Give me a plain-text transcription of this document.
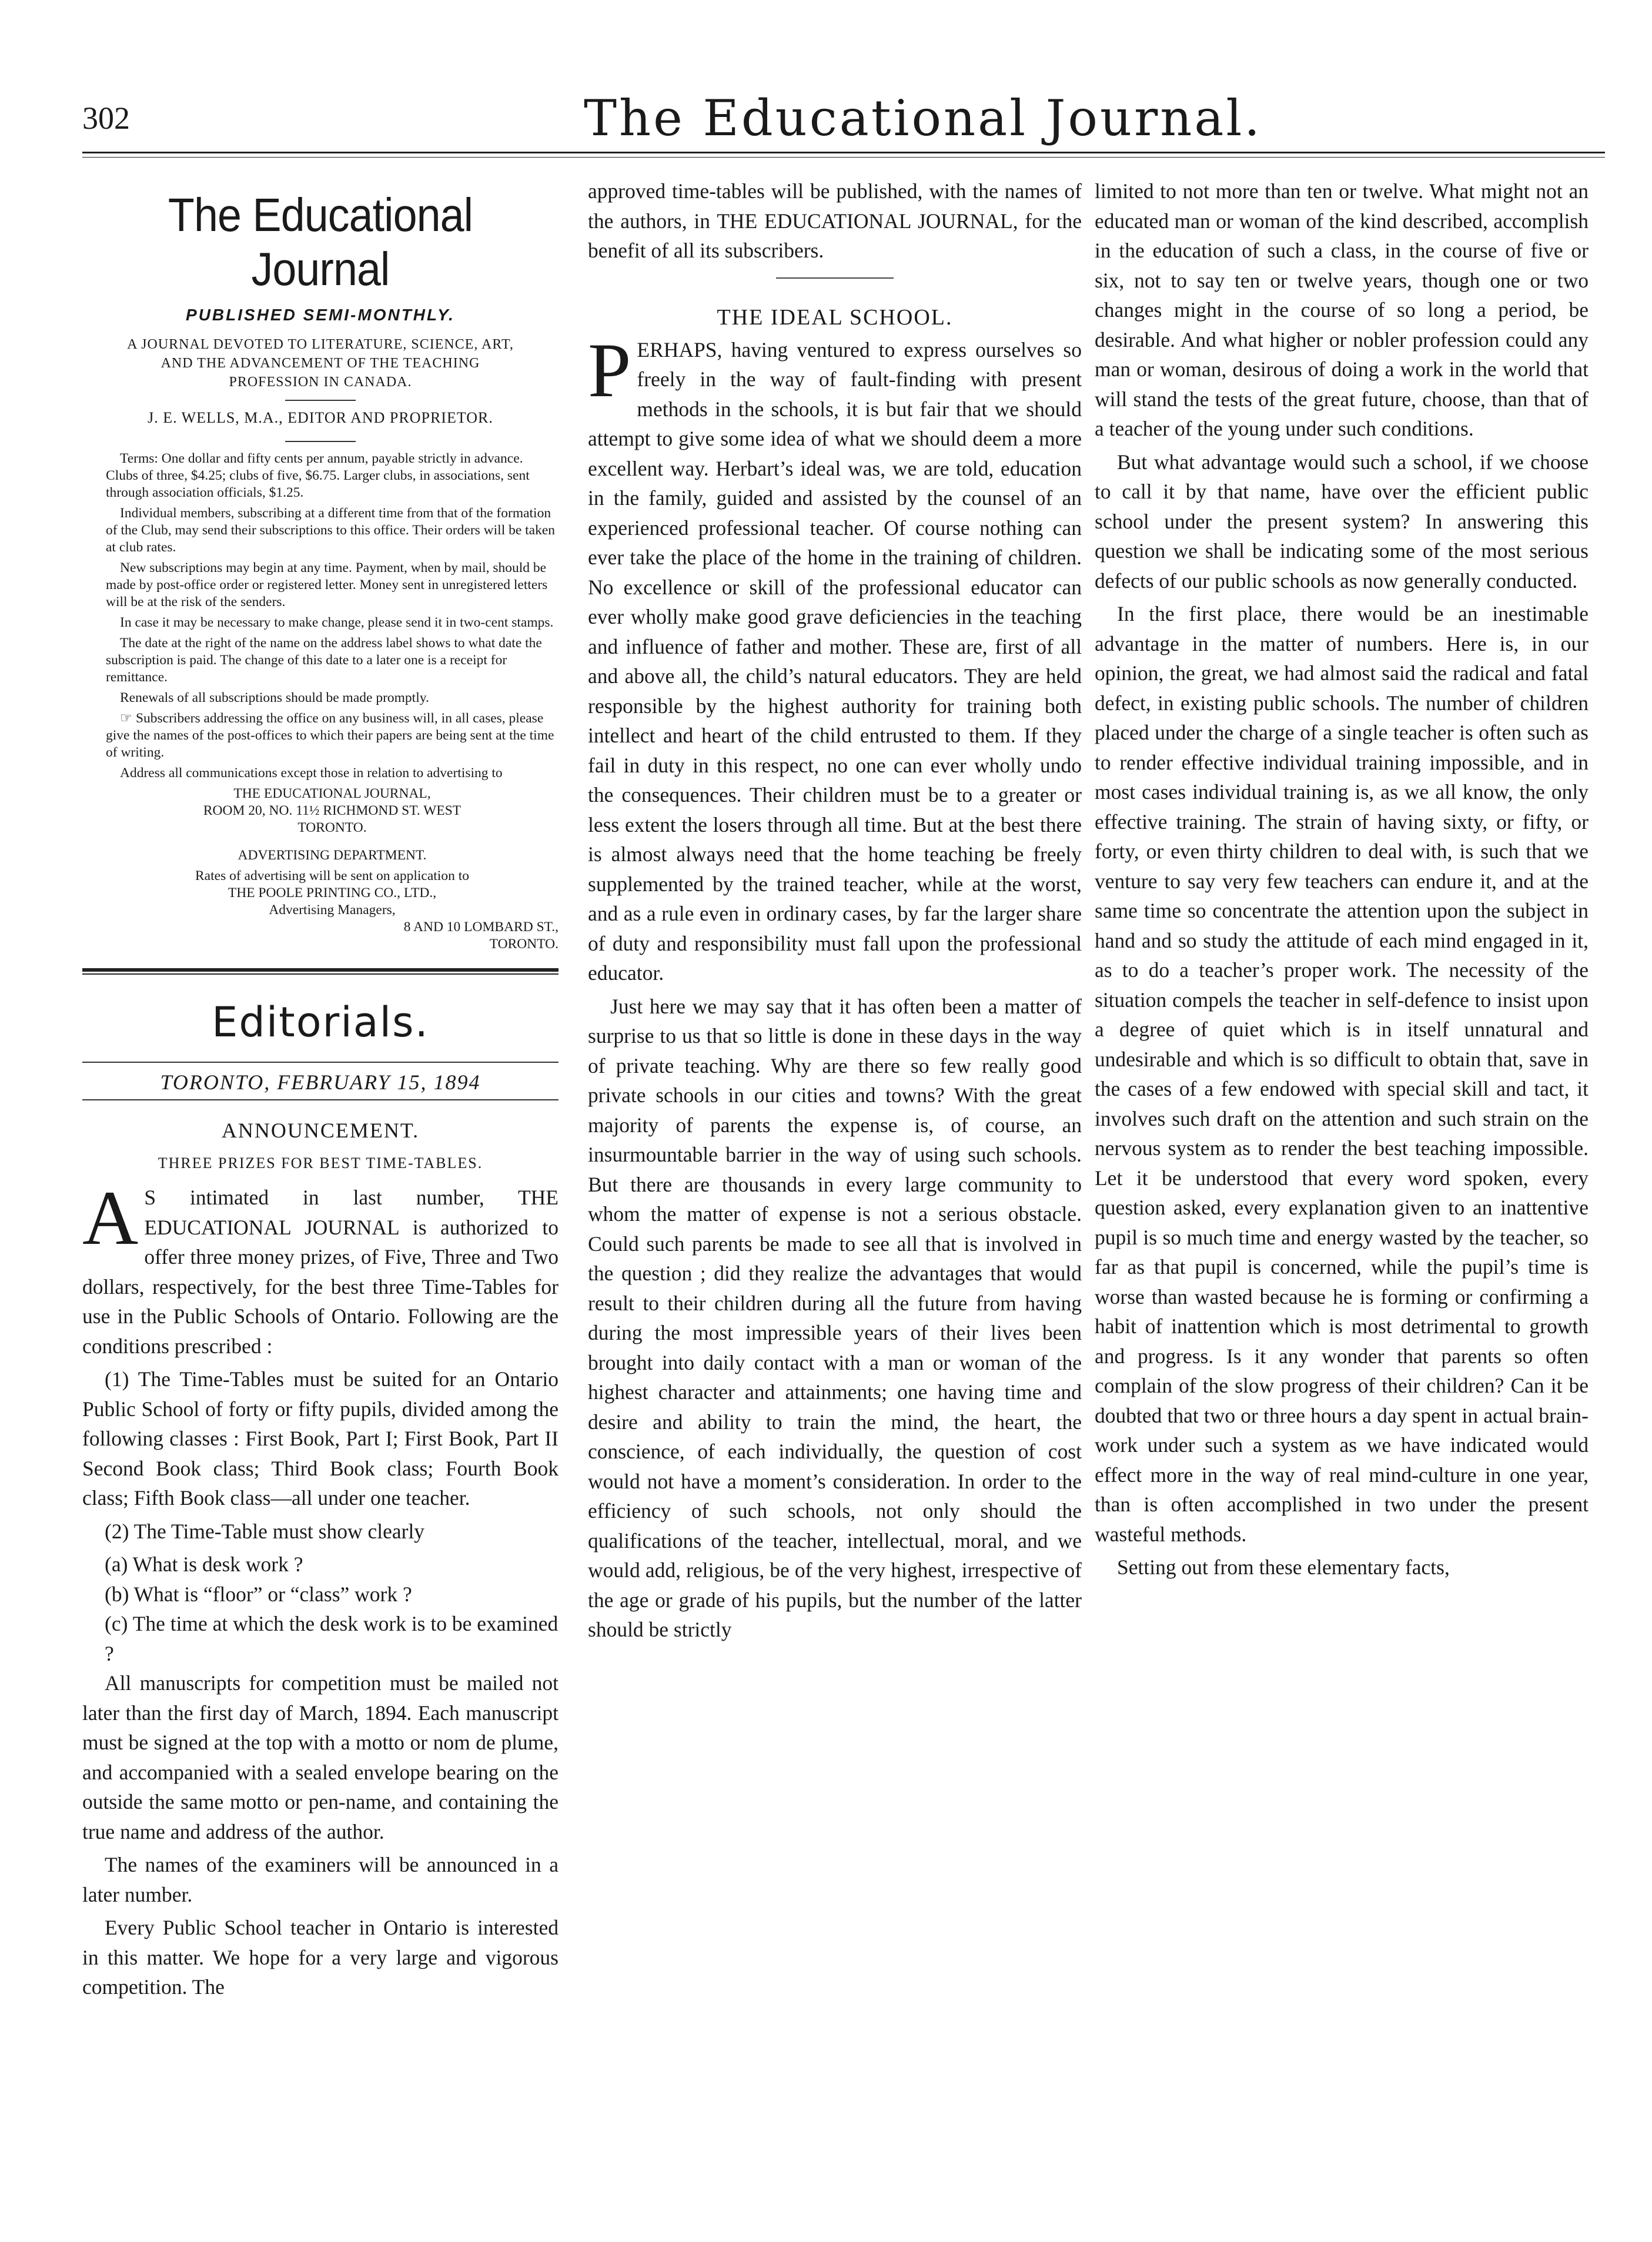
302	The Educational Journal.
The Educational Journal
PUBLISHED SEMI-MONTHLY.
A JOURNAL DEVOTED TO LITERATURE, SCIENCE, ART, AND THE ADVANCEMENT OF THE TEACHING PROFESSION IN CANADA.
J. E. WELLS, M.A., EDITOR AND PROPRIETOR.

Terms: One dollar and fifty cents per annum, payable strictly in advance. Clubs of three, $4.25; clubs of five, $6.75. Larger clubs, in associations, sent through association officials, $1.25.

Individual members, subscribing at a different time from that of the formation of the Club, may send their subscriptions to this office. Their orders will be taken at club rates.

New subscriptions may begin at any time. Payment, when by mail, should be made by post-office order or registered letter. Money sent in unregistered letters will be at the risk of the senders.

In case it may be necessary to make change, please send it in two-cent stamps.

The date at the right of the name on the address label shows to what date the subscription is paid. The change of this date to a later one is a receipt for remittance.

Renewals of all subscriptions should be made promptly.

☞ Subscribers addressing the office on any business will, in all cases, please give the names of the post-offices to which their papers are being sent at the time of writing.

Address all communications except those in relation to advertising to

THE EDUCATIONAL JOURNAL,

ROOM 20, NO. 11½ RICHMOND ST. WEST

TORONTO.

ADVERTISING DEPARTMENT.

Rates of advertising will be sent on application to

THE POOLE PRINTING CO., LTD.,

Advertising Managers,

8 AND 10 LOMBARD ST.,

TORONTO.

Editorials.
TORONTO, FEBRUARY 15, 1894
ANNOUNCEMENT.
THREE PRIZES FOR BEST TIME-TABLES.

A S intimated in last number, THE EDUCATIONAL JOURNAL is authorized to offer three money prizes, of Five, Three and Two dollars, respectively, for the best three Time-Tables for use in the Public Schools of Ontario. Following are the conditions prescribed :

(1) The Time-Tables must be suited for an Ontario Public School of forty or fifty pupils, divided among the following classes : First Book, Part I; First Book, Part II Second Book class; Third Book class; Fourth Book class; Fifth Book class—all under one teacher.

(2) The Time-Table must show clearly

(a) What is desk work ?
(b) What is “floor” or “class” work ?
(c) The time at which the desk work is to be examined ?

All manuscripts for competition must be mailed not later than the first day of March, 1894. Each manuscript must be signed at the top with a motto or nom de plume, and accompanied with a sealed envelope bearing on the outside the same motto or pen-name, and containing the true name and address of the author.

The names of the examiners will be announced in a later number.

Every Public School teacher in Ontario is interested in this matter. We hope for a very large and vigorous competition. The

approved time-tables will be published, with the names of the authors, in THE EDUCATIONAL JOURNAL, for the benefit of all its subscribers.

THE IDEAL SCHOOL.

PERHAPS, having ventured to express ourselves so freely in the way of fault-finding with present methods in the schools, it is but fair that we should attempt to give some idea of what we should deem a more excellent way. Herbart’s ideal was, we are told, education in the family, guided and assisted by the counsel of an experienced professional teacher. Of course nothing can ever take the place of the home in the training of children. No excellence or skill of the professional educator can ever wholly make good grave deficiencies in the teaching and influence of father and mother. These are, first of all and above all, the child’s natural educators. They are held responsible by the highest authority for training both intellect and heart of the child entrusted to them. If they fail in duty in this respect, no one can ever wholly undo the consequences. Their children must be to a greater or less extent the losers through all time. But at the best there is almost always need that the home teaching be freely supplemented by the trained teacher, while at the worst, and as a rule even in ordinary cases, by far the larger share of duty and responsibility must fall upon the professional educator.

Just here we may say that it has often been a matter of surprise to us that so little is done in these days in the way of private teaching. Why are there so few really good private schools in our cities and towns? With the great majority of parents the expense is, of course, an insurmountable barrier in the way of using such schools. But there are thousands in every large community to whom the matter of expense is not a serious obstacle. Could such parents be made to see all that is involved in the question ; did they realize the advantages that would result to their children during all the future from having during the most impressible years of their lives been brought into daily contact with a man or woman of the highest character and attainments; one having time and desire and ability to train the mind, the heart, the conscience, of each individually, the question of cost would not have a moment’s consideration. In order to the efficiency of such schools, not only should the qualifications of the teacher, intellectual, moral, and we would add, religious, be of the very highest, irrespective of the age or grade of his pupils, but the number of the latter should be strictly

limited to not more than ten or twelve. What might not an educated man or woman of the kind described, accomplish in the education of such a class, in the course of five or six, not to say ten or twelve years, though one or two changes might in the course of so long a period, be desirable. And what higher or nobler profession could any man or woman, desirous of doing a work in the world that will stand the tests of the great future, choose, than that of a teacher of the young under such conditions.

But what advantage would such a school, if we choose to call it by that name, have over the efficient public school under the present system? In answering this question we shall be indicating some of the most serious defects of our public schools as now generally conducted.

In the first place, there would be an inestimable advantage in the matter of numbers. Here is, in our opinion, the great, we had almost said the radical and fatal defect, in existing public schools. The number of children placed under the charge of a single teacher is often such as to render effective individual training impossible, and in most cases individual training is, as we all know, the only effective training. The strain of having sixty, or fifty, or forty, or even thirty children to deal with, is such that we venture to say very few teachers can endure it, and at the same time so concentrate the attention upon the subject in hand and so study the attitude of each mind engaged in it, as to do a teacher’s proper work. The necessity of the situation compels the teacher in self-defence to insist upon a degree of quiet which is in itself unnatural and undesirable and which is so difficult to obtain that, save in the cases of a few endowed with special skill and tact, it involves such draft on the attention and such strain on the nervous system as to render the best teaching impossible. Let it be understood that every word spoken, every question asked, every explanation given to an inattentive pupil is so much time and energy wasted by the teacher, so far as that pupil is concerned, while the pupil’s time is worse than wasted because he is forming or confirming a habit of inattention which is most detrimental to growth and progress. Is it any wonder that parents so often complain of the slow progress of their children? Can it be doubted that two or three hours a day spent in actual brain-work under such a system as we have indicated would effect more in the way of real mind-culture in one year, than is often accomplished in two under the present wasteful methods.

Setting out from these elementary facts,
